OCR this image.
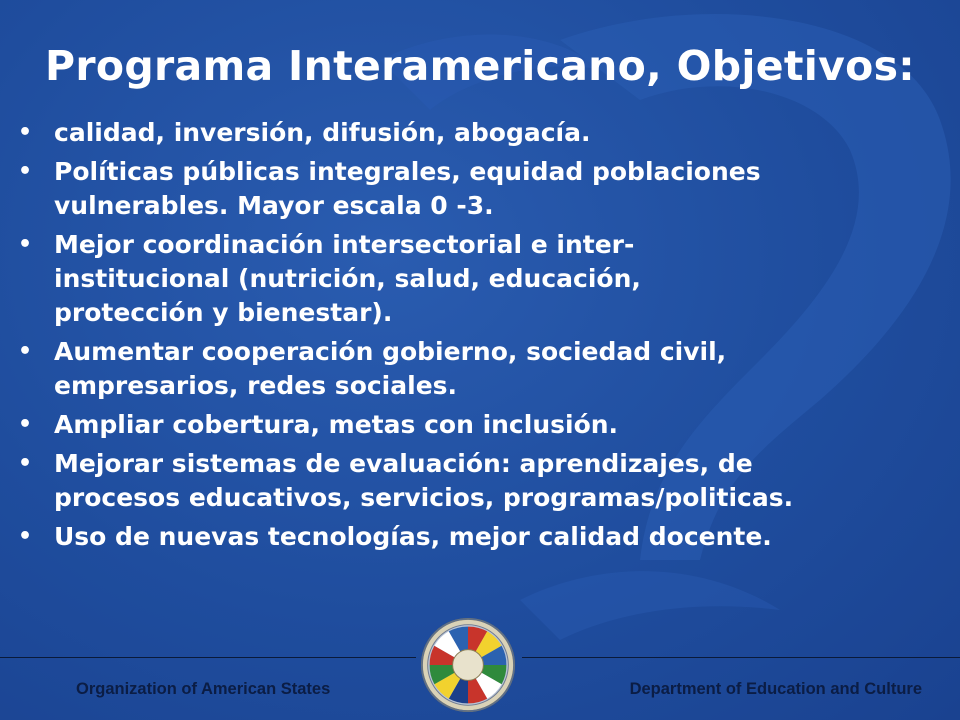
Programa Interamericano, Objetivos:
• calidad, inversión, difusión, abogacía.
• Políticas públicas integrales, equidad poblaciones
vulnerables. Mayor escala 0 -3.
• Mejor coordinación intersectorial e inter-
institucional (nutrición, salud, educación,
protección y bienestar).
• Aumentar cooperación gobierno, sociedad civil,
empresarios, redes sociales.
• Ampliar cobertura, metas con inclusión.
• Mejorar sistemas de evaluación: aprendizajes, de
procesos educativos, servicios, programas/politicas.
• Uso de nuevas tecnologías, mejor calidad docente.
Organization of American States	Department of Education and Culture
